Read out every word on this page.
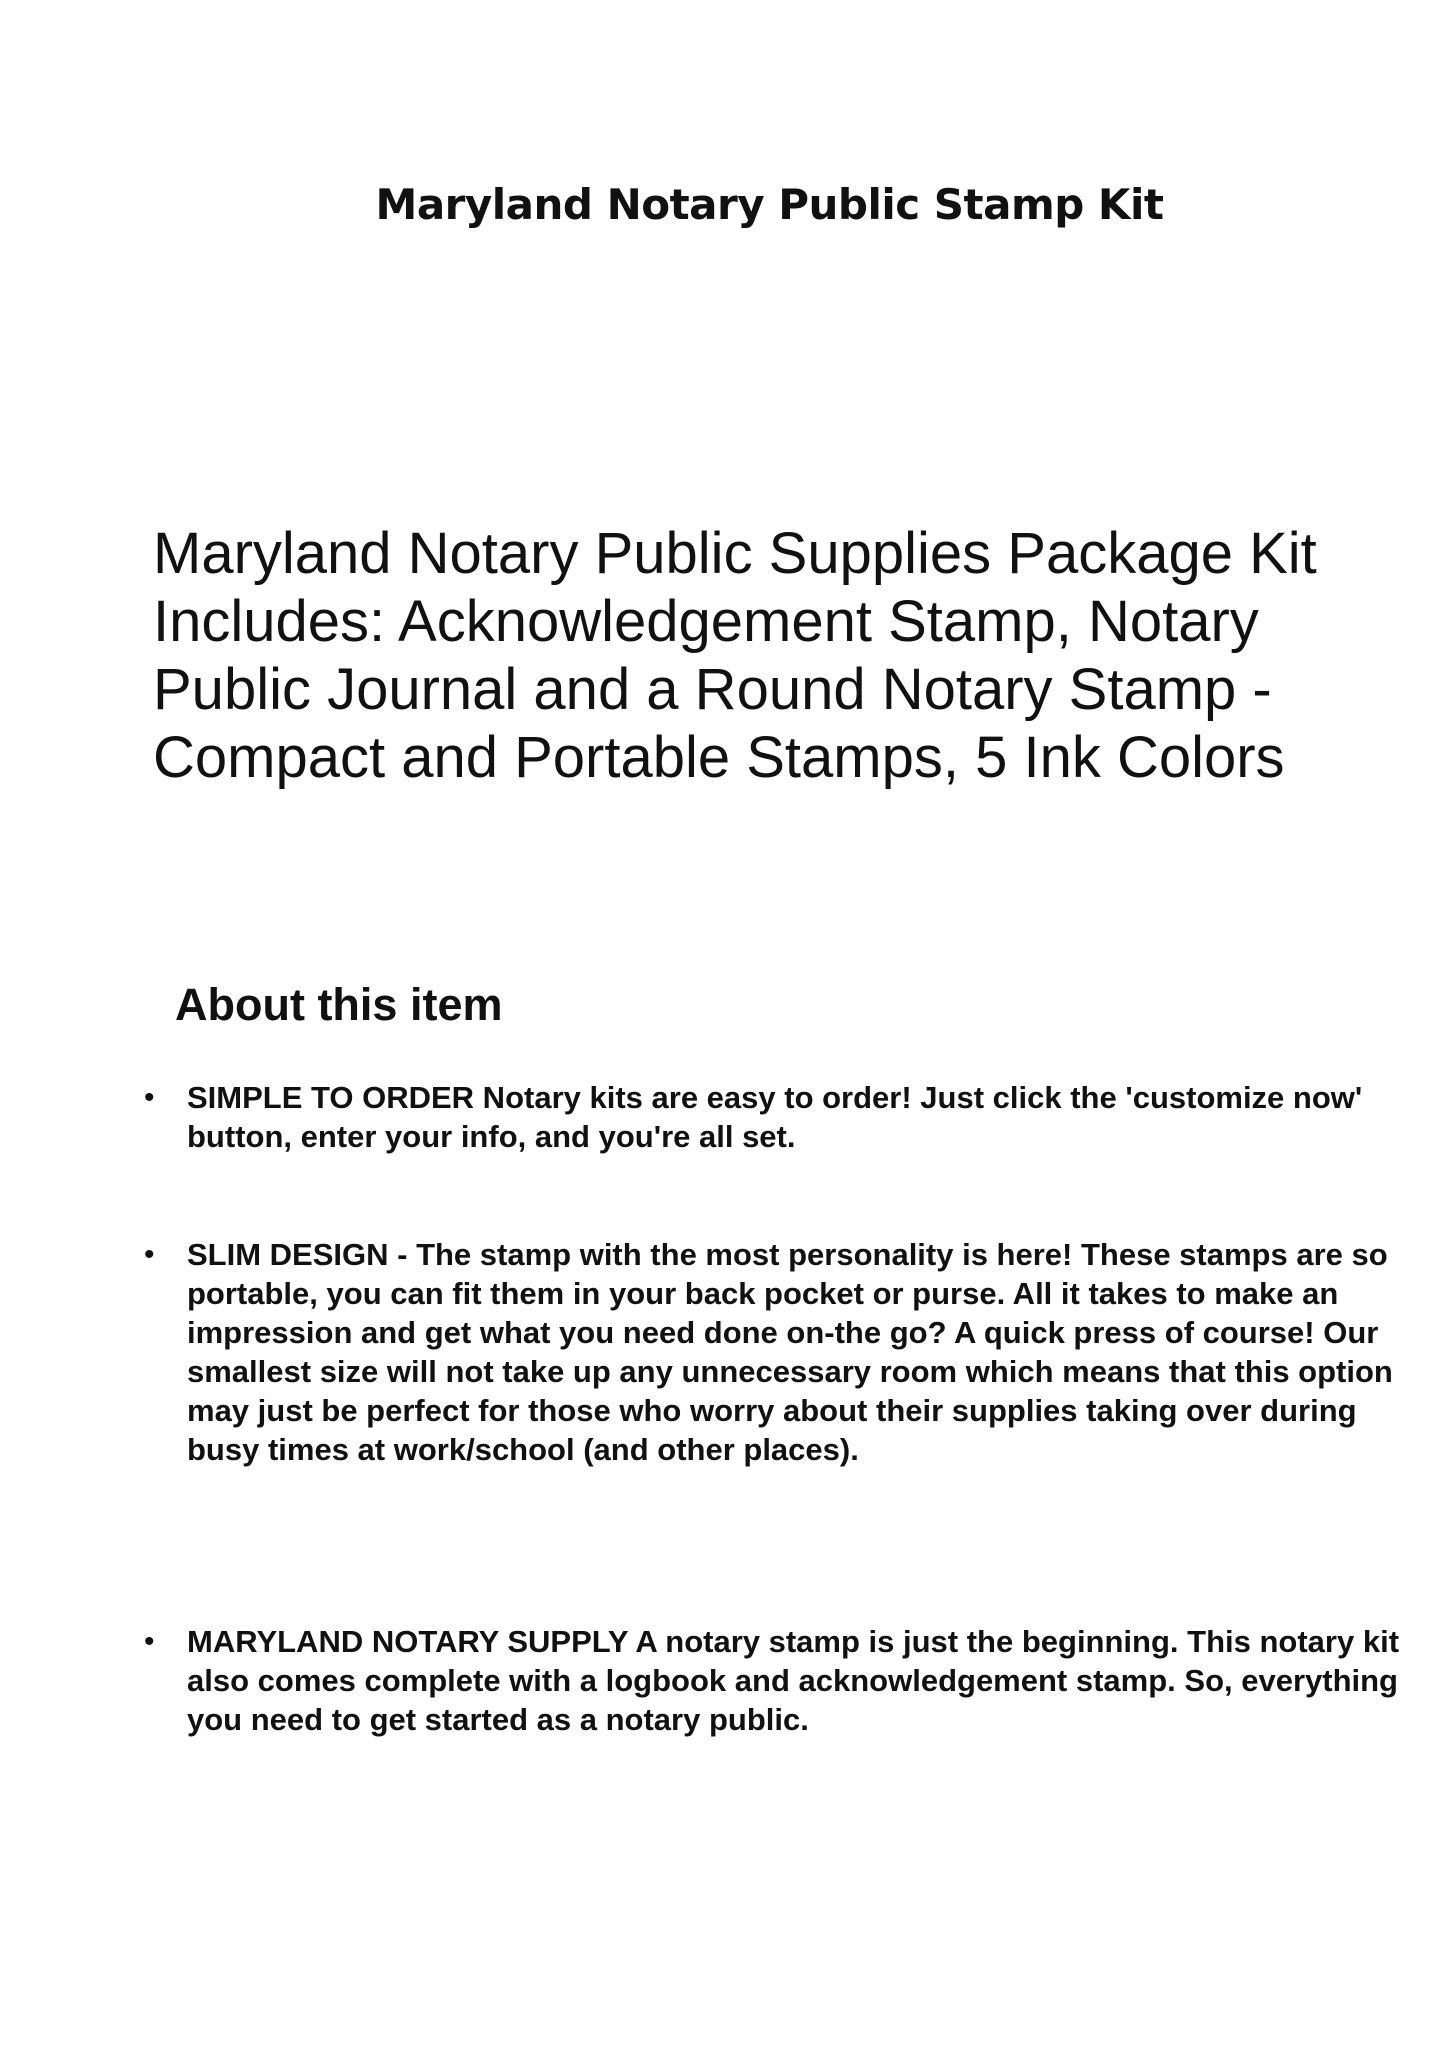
Maryland Notary Public Stamp Kit
Maryland Notary Public Supplies Package Kit Includes: Acknowledgement Stamp, Notary Public Journal and a Round Notary Stamp - Compact and Portable Stamps, 5 Ink Colors
About this item
•	SIMPLE TO ORDER Notary kits are easy to order! Just click the 'customize now' button, enter your info, and you're all set.
•	SLIM DESIGN - The stamp with the most personality is here! These stamps are so portable, you can fit them in your back pocket or purse. All it takes to make an impression and get what you need done on-the go? A quick press of course! Our smallest size will not take up any unnecessary room which means that this option may just be perfect for those who worry about their supplies taking over during busy times at work/school (and other places).
•	MARYLAND NOTARY SUPPLY A notary stamp is just the beginning. This notary kit also comes complete with a logbook and acknowledgement stamp. So, everything you need to get started as a notary public.
